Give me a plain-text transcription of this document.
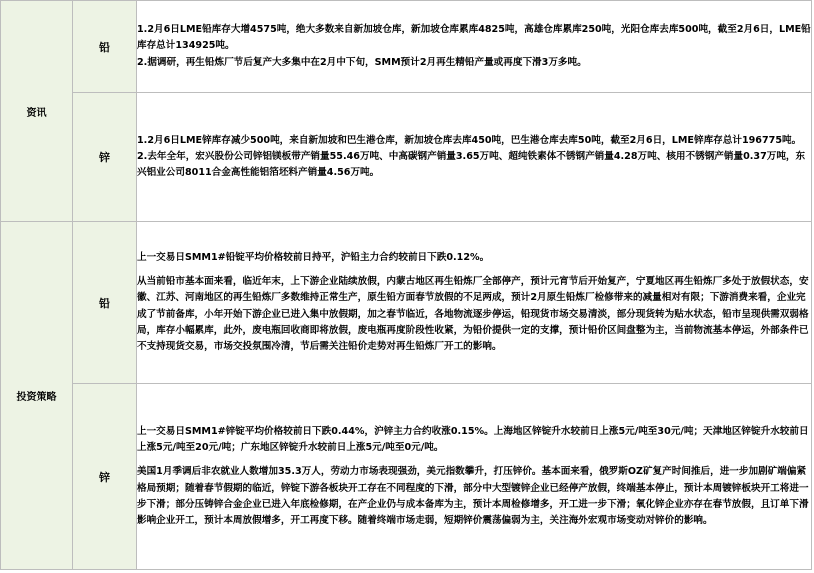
资讯	铅	1.2月6日LME铅库存大增4575吨，绝大多数来自新加坡仓库，新加坡仓库累库4825吨，高雄仓库累库250吨，光阳仓库去库500吨，截至2月6日，LME铅库存总计134925吨。

2.据调研，再生铅炼厂节后复产大多集中在2月中下旬，SMM预计2月再生精铅产量或再度下滑3万多吨。

	锌	1.2月6日LME锌库存减少500吨，来自新加坡和巴生港仓库，新加坡仓库去库450吨，巴生港仓库去库50吨，截至2月6日，LME锌库存总计196775吨。

2.去年全年，宏兴股份公司锌铝镁板带产销量55.46万吨、中高碳钢产销量3.65万吨、超纯铁素体不锈钢产销量4.28万吨、核用不锈钢产销量0.37万吨，东兴铝业公司8011合金高性能铝箔坯料产销量4.56万吨。

投资策略	铅	上一交易日SMM1#铅锭平均价格较前日持平，沪铅主力合约较前日下跌0.12%。

从当前铅市基本面来看，临近年末，上下游企业陆续放假，内蒙古地区再生铅炼厂全部停产，预计元宵节后开始复产，宁夏地区再生铅炼厂多处于放假状态，安徽、江苏、河南地区的再生铅炼厂多数维持正常生产，原生铅方面春节放假的不足两成，预计2月原生铅炼厂检修带来的减量相对有限；下游消费来看，企业完成了节前备库，小年开始下游企业已进入集中放假期，加之春节临近，各地物流逐步停运，铅现货市场交易清淡，部分现货转为贴水状态，铅市呈现供需双弱格局，库存小幅累库，此外，废电瓶回收商即将放假，废电瓶再度阶段性收紧，为铅价提供一定的支撑，预计铅价区间盘整为主，当前物流基本停运，外部条件已不支持现货交易，市场交投氛围冷清，节后需关注铅价走势对再生铅炼厂开工的影响。

	锌	上一交易日SMM1#锌锭平均价格较前日下跌0.44%，沪锌主力合约收涨0.15%。上海地区锌锭升水较前日上涨5元/吨至30元/吨；天津地区锌锭升水较前日上涨5元/吨至20元/吨；广东地区锌锭升水较前日上涨5元/吨至0元/吨。

美国1月季调后非农就业人数增加35.3万人，劳动力市场表现强劲，美元指数攀升，打压锌价。基本面来看，俄罗斯OZ矿复产时间推后，进一步加剧矿端偏紧格局预期；随着春节假期的临近，锌锭下游各板块开工存在不同程度的下滑，部分中大型镀锌企业已经停产放假，终端基本停止，预计本周镀锌板块开工将进一步下滑；部分压铸锌合金企业已进入年底检修期，在产企业仍与成本备库为主，预计本周检修增多，开工进一步下滑；氧化锌企业亦存在春节放假，且订单下滑影响企业开工，预计本周放假增多，开工再度下移。随着终端市场走弱，短期锌价震荡偏弱为主，关注海外宏观市场变动对锌价的影响。
